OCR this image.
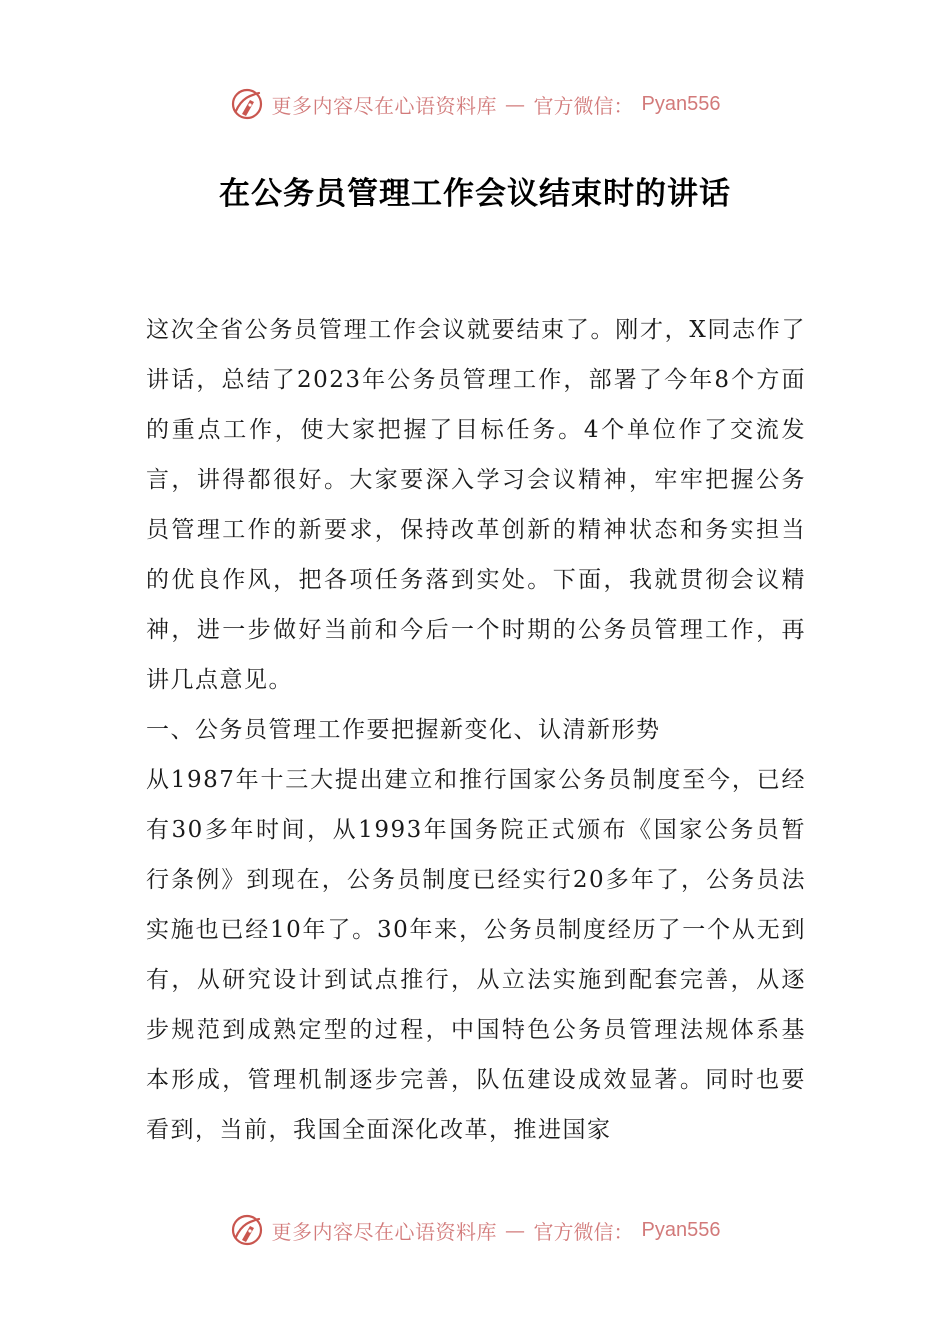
更多内容尽在心语资料库 — 官方微信： Pyan556
在公务员管理工作会议结束时的讲话

这次全省公务员管理工作会议就要结束了。刚才，X同志作了讲话，总结了2023年公务员管理工作，部署了今年8个方面的重点工作，使大家把握了目标任务。4个单位作了交流发言，讲得都很好。大家要深入学习会议精神，牢牢把握公务员管理工作的新要求，保持改革创新的精神状态和务实担当的优良作风，把各项任务落到实处。下面，我就贯彻会议精神，进一步做好当前和今后一个时期的公务员管理工作，再讲几点意见。

一、公务员管理工作要把握新变化、认清新形势

从1987年十三大提出建立和推行国家公务员制度至今，已经有30多年时间，从1993年国务院正式颁布《国家公务员暂行条例》到现在，公务员制度已经实行20多年了，公务员法实施也已经10年了。30年来，公务员制度经历了一个从无到有，从研究设计到试点推行，从立法实施到配套完善，从逐步规范到成熟定型的过程，中国特色公务员管理法规体系基本形成，管理机制逐步完善，队伍建设成效显著。同时也要看到，当前，我国全面深化改革，推进国家

更多内容尽在心语资料库 — 官方微信： Pyan556
